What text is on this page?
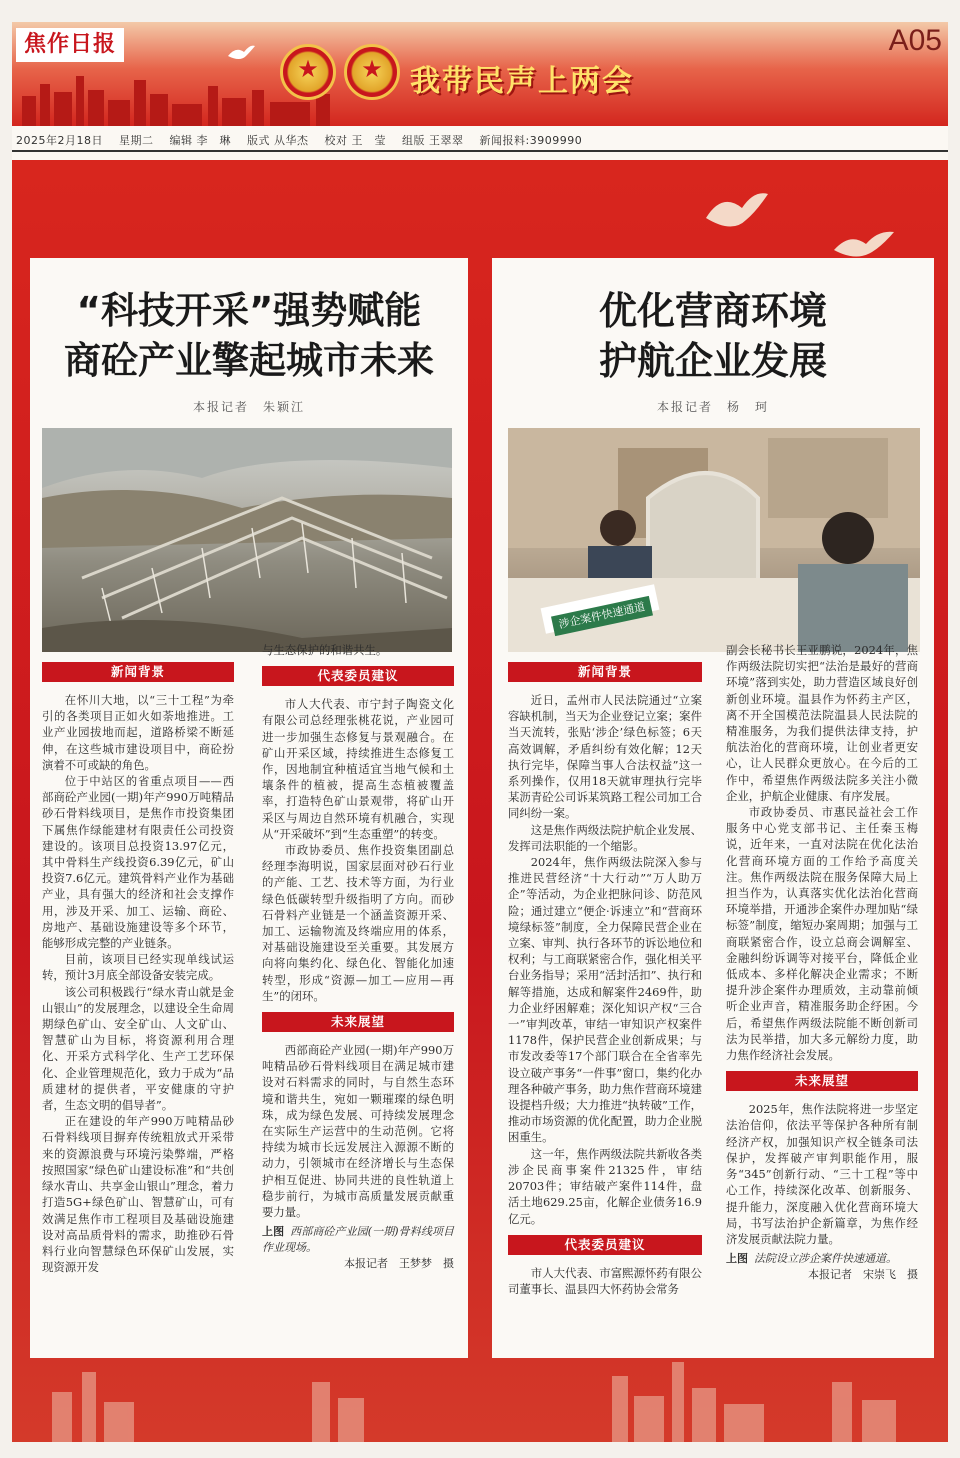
焦作日报
★
★
我带民声上两会
A05
2025年2月18日 星期二 编辑 李　琳 版式 从华杰 校对 王　莹 组版 王翠翠 新闻报料:3909990
“科技开采”强势赋能
商砼产业擎起城市未来
本报记者　朱颖江
新闻背景

在怀川大地，以“三十工程”为牵引的各类项目正如火如荼地推进。工业产业园拔地而起，道路桥梁不断延伸，在这些城市建设项目中，商砼扮演着不可或缺的角色。

位于中站区的省重点项目——西部商砼产业园(一期)年产990万吨精品砂石骨料线项目，是焦作市投资集团下属焦作绿能建材有限责任公司投资建设的。该项目总投资13.97亿元，其中骨料生产线投资6.39亿元，矿山投资7.6亿元。建筑骨料产业作为基础产业，具有强大的经济和社会支撑作用，涉及开采、加工、运输、商砼、房地产、基础设施建设等多个环节，能够形成完整的产业链条。

目前，该项目已经实现单线试运转，预计3月底全部设备安装完成。

该公司积极践行“绿水青山就是金山银山”的发展理念，以建设全生命周期绿色矿山、安全矿山、人文矿山、智慧矿山为目标，将资源利用合理化、开采方式科学化、生产工艺环保化、企业管理规范化，致力于成为“品质建材的提供者，平安健康的守护者，生态文明的倡导者”。

正在建设的年产990万吨精品砂石骨料线项目摒弃传统粗放式开采带来的资源浪费与环境污染弊端，严格按照国家“绿色矿山建设标准”和“共创绿水青山、共享金山银山”理念，着力打造5G+绿色矿山、智慧矿山，可有效满足焦作市工程项目及基础设施建设对高品质骨料的需求，助推砂石骨料行业向智慧绿色环保矿山发展，实现资源开发

与生态保护的和谐共生。

代表委员建议

市人大代表、市宁封子陶瓷文化有限公司总经理张桃花说，产业园可进一步加强生态修复与景观融合。在矿山开采区域，持续推进生态修复工作，因地制宜种植适宜当地气候和土壤条件的植被，提高生态植被覆盖率，打造特色矿山景观带，将矿山开采区与周边自然环境有机融合，实现从“开采破坏”到“生态重塑”的转变。

市政协委员、焦作投资集团副总经理李海明说，国家层面对砂石行业的产能、工艺、技术等方面，为行业绿色低碳转型升级指明了方向。而砂石骨料产业链是一个涵盖资源开采、加工、运输物流及终端应用的体系，对基础设施建设至关重要。其发展方向将向集约化、绿色化、智能化加速转型，形成“资源—加工—应用—再生”的闭环。

未来展望

西部商砼产业园(一期)年产990万吨精品砂石骨料线项目在满足城市建设对石料需求的同时，与自然生态环境和谐共生，宛如一颗璀璨的绿色明珠，成为绿色发展、可持续发展理念在实际生产运营中的生动范例。它将持续为城市长远发展注入源源不断的动力，引领城市在经济增长与生态保护相互促进、协同共进的良性轨道上稳步前行，为城市高质量发展贡献重要力量。

上图 西部商砼产业园(一期)骨料线项目作业现场。
本报记者　王梦梦　摄
优化营商环境
护航企业发展
本报记者　杨　珂
涉企案件快速通道
新闻背景

近日，孟州市人民法院通过“立案容缺机制，当天为企业登记立案；案件当天流转，张贴‘涉企’绿色标签；6天高效调解，矛盾纠纷有效化解；12天执行完毕，保障当事人合法权益”这一系列操作，仅用18天就审理执行完毕某沥青砼公司诉某筑路工程公司加工合同纠纷一案。

这是焦作两级法院护航企业发展、发挥司法职能的一个缩影。

2024年，焦作两级法院深入参与推进民营经济“十大行动”“万人助万企”等活动，为企业把脉问诊、防范风险；通过建立“便企·诉速立”和“营商环境绿标签”制度，全力保障民营企业在立案、审判、执行各环节的诉讼地位和权利；与工商联紧密合作，强化相关平台业务指导；采用“活封活扣”、执行和解等措施，达成和解案件2469件，助力企业纾困解难；深化知识产权“三合一”审判改革，审结一审知识产权案件1178件，保护民营企业创新成果；与市发改委等17个部门联合在全省率先设立破产事务“一件事”窗口，集约化办理各种破产事务，助力焦作营商环境建设提档升级；大力推进“执转破”工作，推动市场资源的优化配置，助力企业脱困重生。

这一年，焦作两级法院共新收各类涉企民商事案件21325件，审结20703件；审结破产案件114件，盘活土地629.25亩，化解企业债务16.9亿元。

代表委员建议

市人大代表、市富熙源怀药有限公司董事长、温县四大怀药协会常务

副会长秘书长王亚鹏说，2024年，焦作两级法院切实把“法治是最好的营商环境”落到实处，助力营造区域良好创新创业环境。温县作为怀药主产区，离不开全国模范法院温县人民法院的精准服务，为我们提供法律支持，护航法治化的营商环境，让创业者更安心，让人民群众更放心。在今后的工作中，希望焦作两级法院多关注小微企业，护航企业健康、有序发展。

市政协委员、市惠民益社会工作服务中心党支部书记、主任秦玉梅说，近年来，一直对法院在优化法治化营商环境方面的工作给予高度关注。焦作两级法院在服务保障大局上担当作为，认真落实优化法治化营商环境举措，开通涉企案件办理加贴“绿标签”制度，缩短办案周期；加强与工商联紧密合作，设立总商会调解室、金融纠纷诉调等对接平台，降低企业低成本、多样化解决企业需求；不断提升涉企案件办理质效，主动靠前倾听企业声音，精准服务助企纾困。今后，希望焦作两级法院能不断创新司法为民举措，加大多元解纷力度，助力焦作经济社会发展。

未来展望

2025年，焦作法院将进一步坚定法治信仰，依法平等保护各种所有制经济产权，加强知识产权全链条司法保护，发挥破产审判职能作用，服务“345”创新行动、“三十工程”等中心工作，持续深化改革、创新服务、提升能力，深度融入优化营商环境大局，书写法治护企新篇章，为焦作经济发展贡献法院力量。

上图 法院设立涉企案件快速通道。
本报记者　宋崇飞　摄
